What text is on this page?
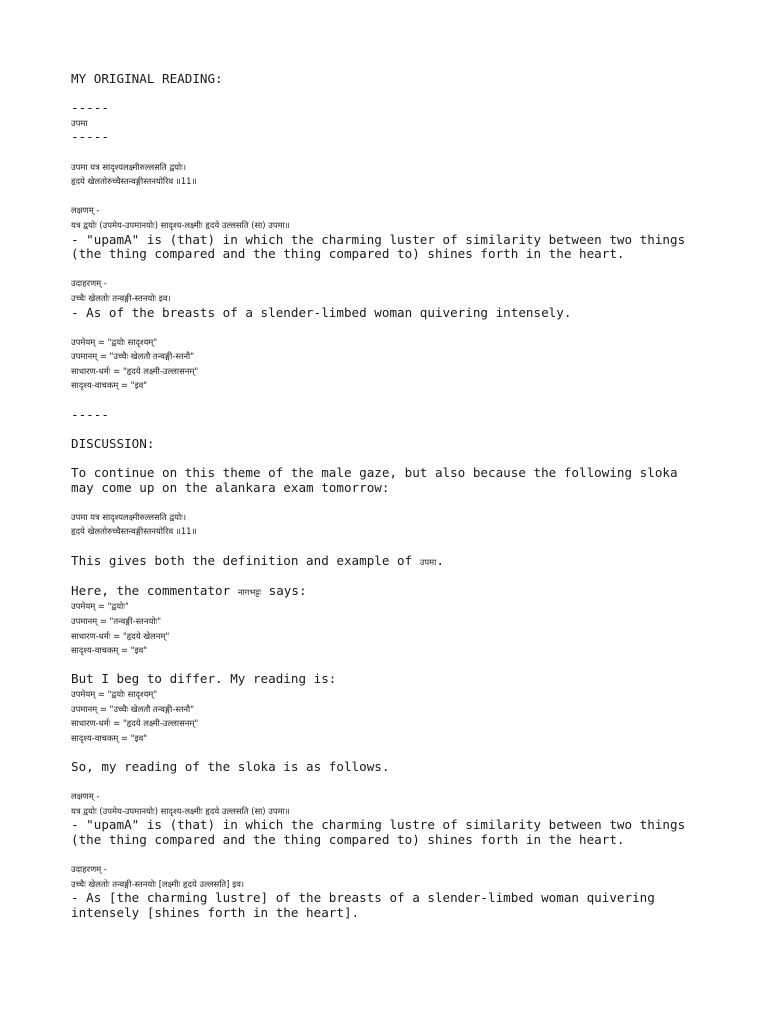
MY ORIGINAL READING:

-----

उपमा

-----

उपमा यत्र सादृश्यलक्ष्मीरुल्लसति द्वयोः।

हृदये खेलतोरुच्चैस्तन्वङ्गीस्तनयोरिव ॥11॥

लक्षणम् -

यत्र द्वयोः (उपमेय-उपमानयोः) सादृश्य-लक्ष्मीः हृदये उल्लसति (सा) उपमा॥

- "upamA" is (that) in which the charming luster of similarity between two things

(the thing compared and the thing compared to) shines forth in the heart.

उदाहरणम् -

उच्चैः खेलतोः तन्वङ्गी-स्तनयोः इव।

- As of the breasts of a slender-limbed woman quivering intensely.

उपमेयम् = "द्वयोः सादृश्यम्"

उपमानम् = "उच्चैः खेलतौ तन्वङ्गी-स्तनौ"

साधारण-धर्मः = "हृदये लक्ष्मी-उल्लासनम्"

सादृश्य-वाचकम् = "इव"

-----

DISCUSSION:

To continue on this theme of the male gaze, but also because the following sloka

may come up on the alankara exam tomorrow:

उपमा यत्र सादृश्यलक्ष्मीरुल्लसति द्वयोः।

हृदये खेलतोरुच्चैस्तन्वङ्गीस्तनयोरिव ॥11॥

This gives both the definition and example of उपमा.

Here, the commentator नागभट्टः says:

उपमेयम् = "द्वयोः"

उपमानम् = "तन्वङ्गी-स्तनयोः"

साधारण-धर्मः = "हृदये खेलनम्"

सादृश्य-वाचकम् = "इव"

But I beg to differ. My reading is:

उपमेयम् = "द्वयोः सादृश्यम्"

उपमानम् = "उच्चैः खेलतौ तन्वङ्गी-स्तनौ"

साधारण-धर्मः = "हृदये लक्ष्मी-उल्लासनम्"

सादृश्य-वाचकम् = "इव"

So, my reading of the sloka is as follows.

लक्षणम् -

यत्र द्वयोः (उपमेय-उपमानयोः) सादृश्य-लक्ष्मीः हृदये उल्लसति (सा) उपमा॥

- "upamA" is (that) in which the charming lustre of similarity between two things

(the thing compared and the thing compared to) shines forth in the heart.

उदाहरणम् -

उच्चैः खेलतोः तन्वङ्गी-स्तनयोः [लक्ष्मीः हृदये उल्लसति] इव।

- As [the charming lustre] of the breasts of a slender-limbed woman quivering

intensely [shines forth in the heart].
